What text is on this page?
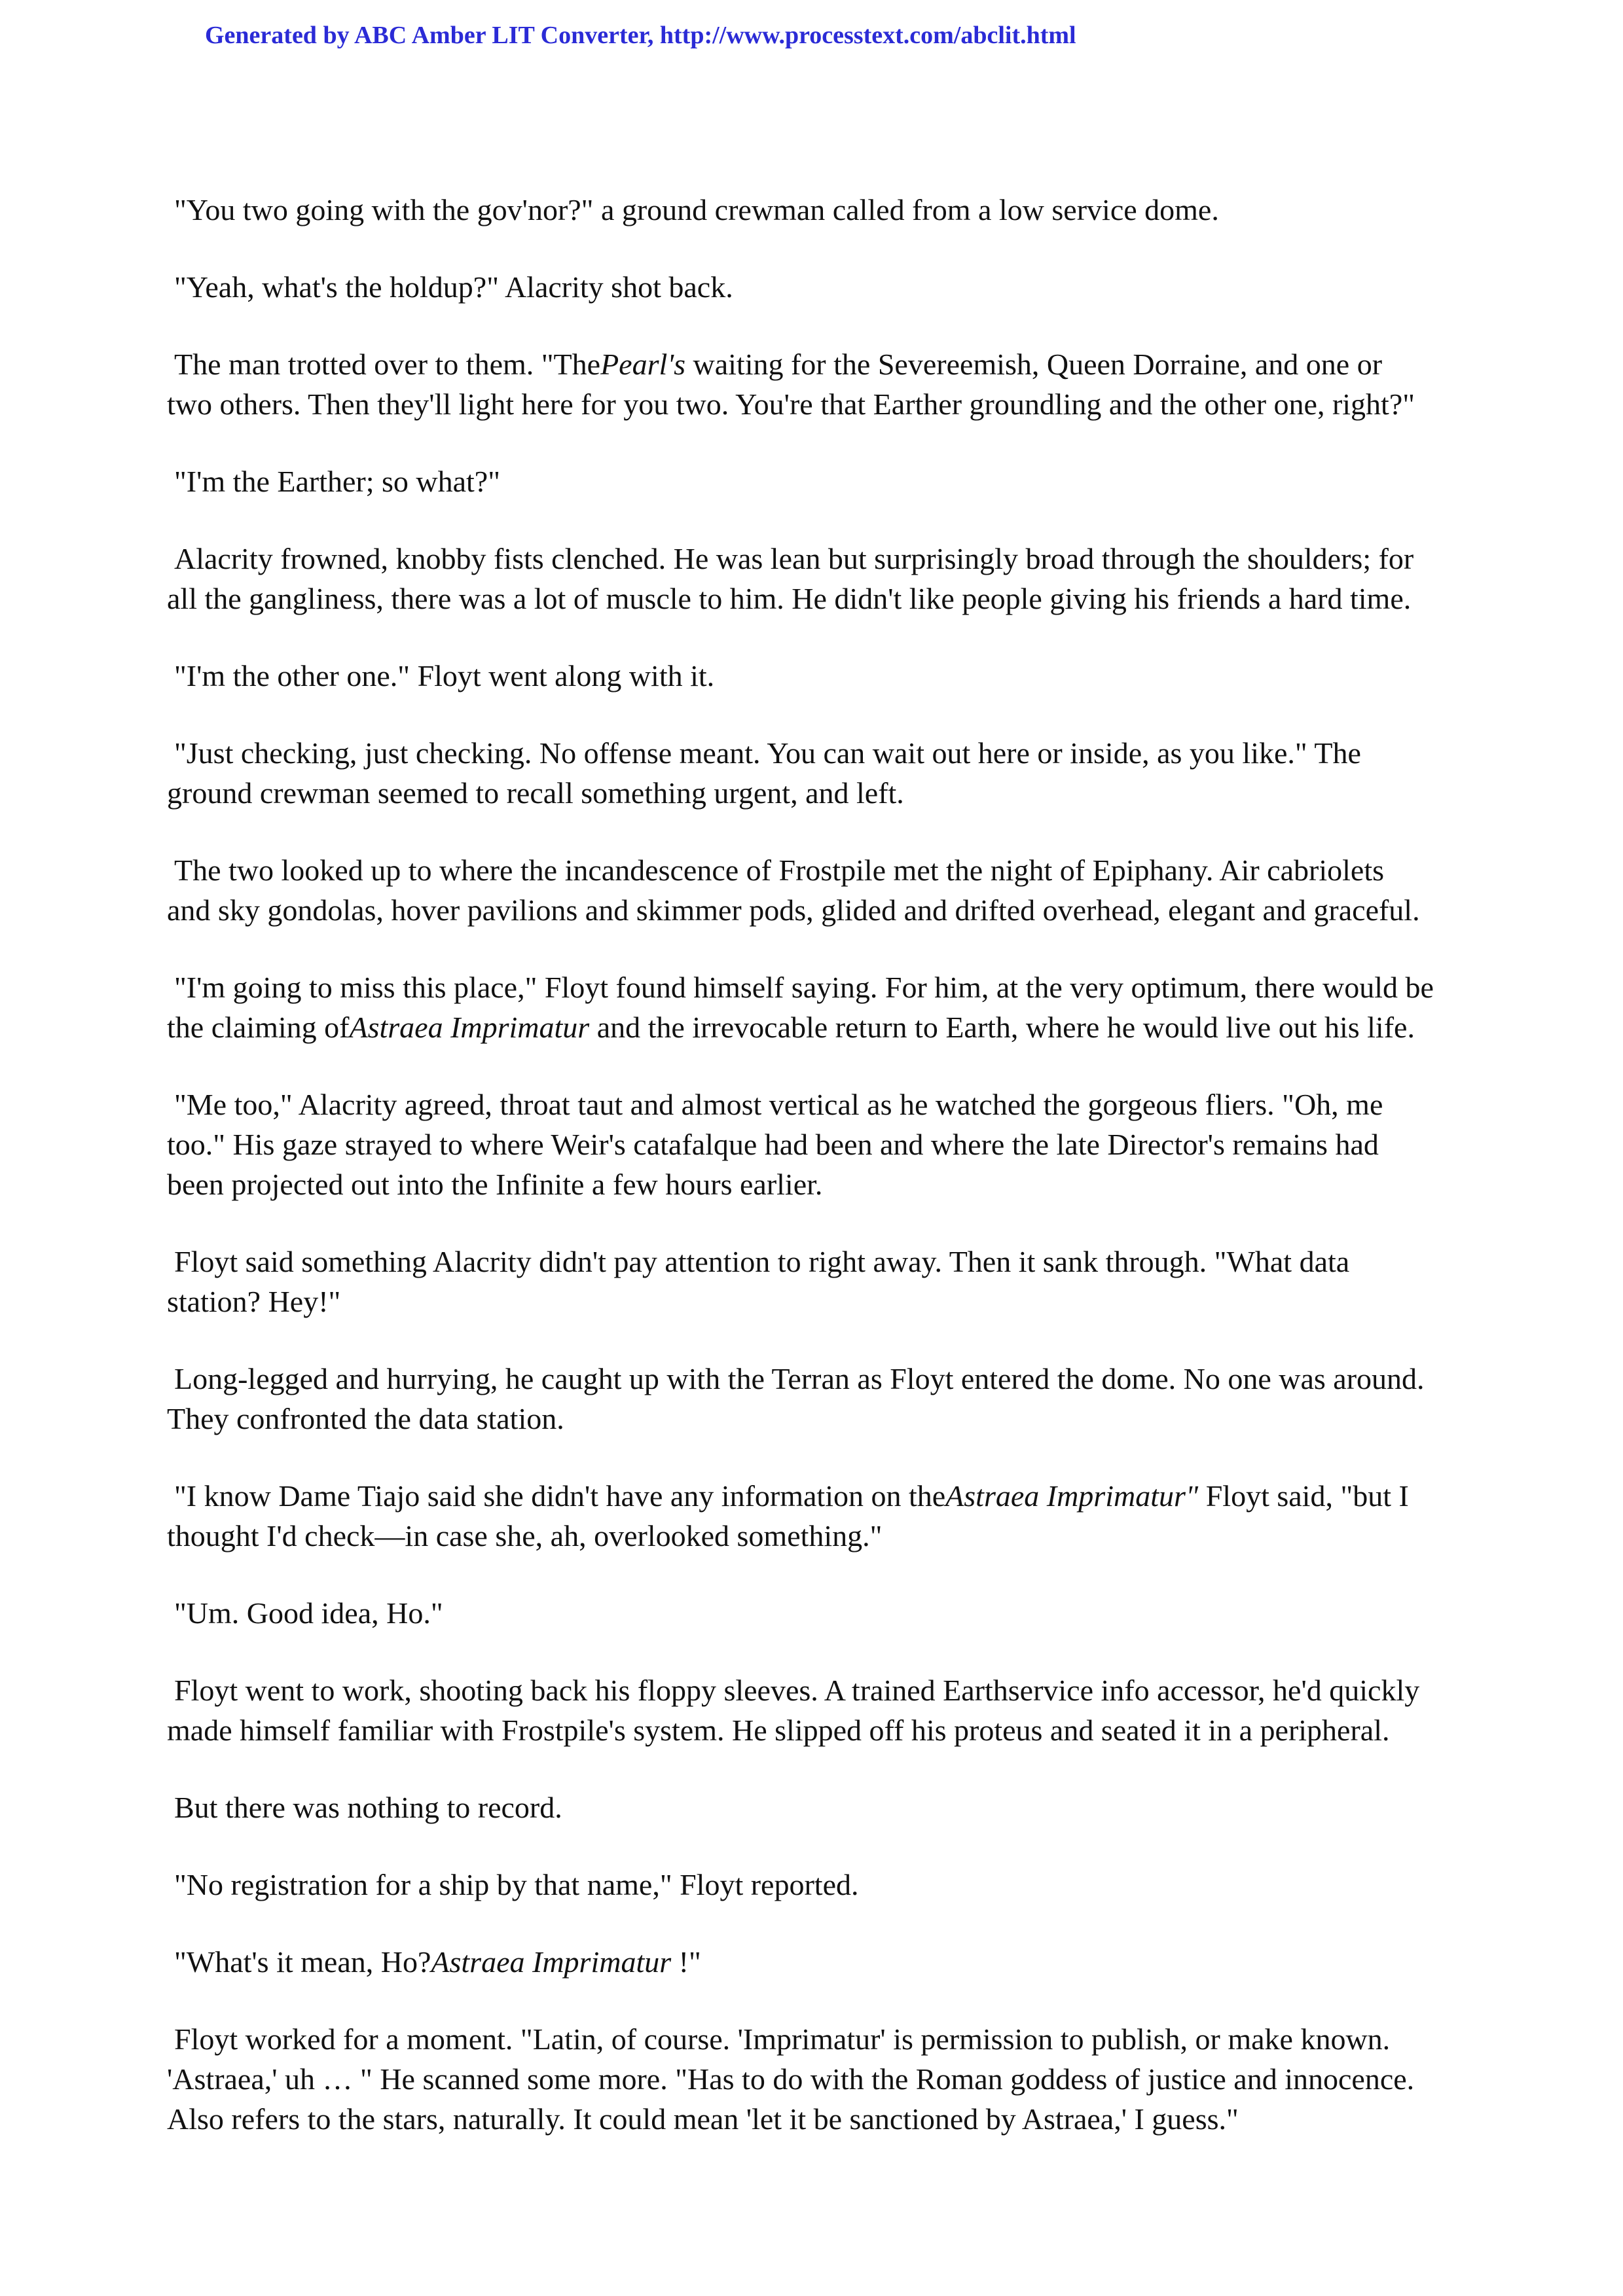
Generated by ABC Amber LIT Converter, http://www.processtext.com/abclit.html

"You two going with the gov'nor?" a ground crewman called from a low service dome.

"Yeah, what's the holdup?" Alacrity shot back.

The man trotted over to them. "ThePearl's waiting for the Severeemish, Queen Dorraine, and one or
two others. Then they'll light here for you two. You're that Earther groundling and the other one, right?"

"I'm the Earther; so what?"

Alacrity frowned, knobby fists clenched. He was lean but surprisingly broad through the shoulders; for
all the gangliness, there was a lot of muscle to him. He didn't like people giving his friends a hard time.

"I'm the other one." Floyt went along with it.

"Just checking, just checking. No offense meant. You can wait out here or inside, as you like." The
ground crewman seemed to recall something urgent, and left.

The two looked up to where the incandescence of Frostpile met the night of Epiphany. Air cabriolets
and sky gondolas, hover pavilions and skimmer pods, glided and drifted overhead, elegant and graceful.

"I'm going to miss this place," Floyt found himself saying. For him, at the very optimum, there would be
the claiming ofAstraea Imprimatur and the irrevocable return to Earth, where he would live out his life.

"Me too," Alacrity agreed, throat taut and almost vertical as he watched the gorgeous fliers. "Oh, me
too." His gaze strayed to where Weir's catafalque had been and where the late Director's remains had
been projected out into the Infinite a few hours earlier.

Floyt said something Alacrity didn't pay attention to right away. Then it sank through. "What data
station? Hey!"

Long-legged and hurrying, he caught up with the Terran as Floyt entered the dome. No one was around.
They confronted the data station.

"I know Dame Tiajo said she didn't have any information on theAstraea Imprimatur" Floyt said, "but I
thought I'd check—in case she, ah, overlooked something."

"Um. Good idea, Ho."

Floyt went to work, shooting back his floppy sleeves. A trained Earthservice info accessor, he'd quickly
made himself familiar with Frostpile's system. He slipped off his proteus and seated it in a peripheral.

But there was nothing to record.

"No registration for a ship by that name," Floyt reported.

"What's it mean, Ho?Astraea Imprimatur !"

Floyt worked for a moment. "Latin, of course. 'Imprimatur' is permission to publish, or make known.
'Astraea,' uh … " He scanned some more. "Has to do with the Roman goddess of justice and innocence.
Also refers to the stars, naturally. It could mean 'let it be sanctioned by Astraea,' I guess."
